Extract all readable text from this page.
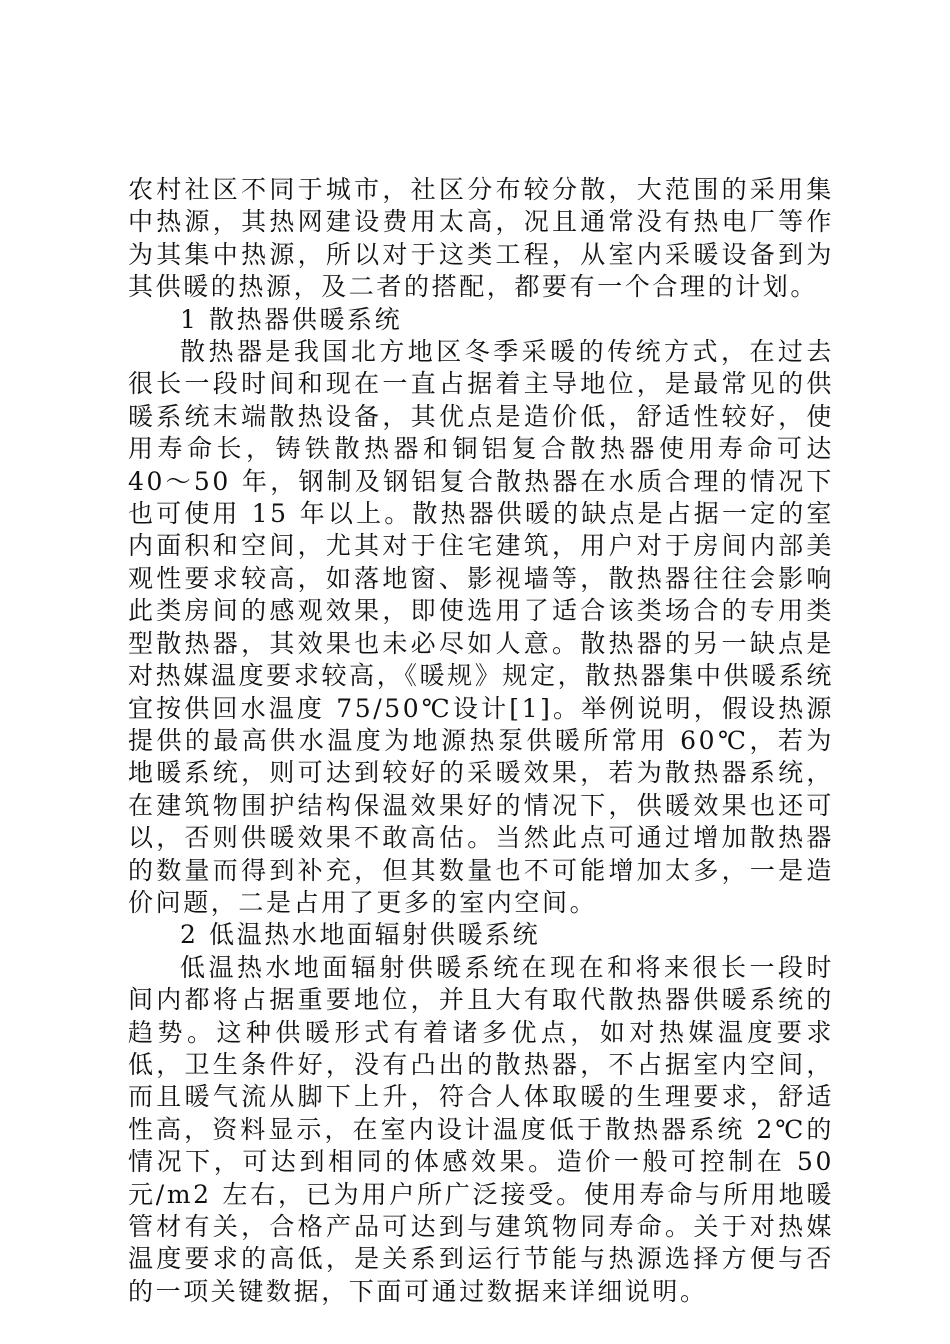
农村社区不同于城市，社区分布较分散，大范围的采用集中热源，其热网建设费用太高，况且通常没有热电厂等作为其集中热源，所以对于这类工程，从室内采暖设备到为其供暖的热源，及二者的搭配，都要有一个合理的计划。

1 散热器供暖系统

散热器是我国北方地区冬季采暖的传统方式，在过去很长一段时间和现在一直占据着主导地位，是最常见的供暖系统末端散热设备，其优点是造价低，舒适性较好，使用寿命长，铸铁散热器和铜铝复合散热器使用寿命可达 40～50 年，钢制及钢铝复合散热器在水质合理的情况下也可使用 15 年以上。散热器供暖的缺点是占据一定的室内面积和空间，尤其对于住宅建筑，用户对于房间内部美观性要求较高，如落地窗、影视墙等，散热器往往会影响此类房间的感观效果，即使选用了适合该类场合的专用类型散热器，其效果也未必尽如人意。散热器的另一缺点是对热媒温度要求较高，《暖规》规定，散热器集中供暖系统宜按供回水温度 75/50℃设计[1]。举例说明，假设热源提供的最高供水温度为地源热泵供暖所常用 60℃，若为地暖系统，则可达到较好的采暖效果，若为散热器系统，在建筑物围护结构保温效果好的情况下，供暖效果也还可以，否则供暖效果不敢高估。当然此点可通过增加散热器的数量而得到补充，但其数量也不可能增加太多，一是造价问题，二是占用了更多的室内空间。

2 低温热水地面辐射供暖系统

低温热水地面辐射供暖系统在现在和将来很长一段时间内都将占据重要地位，并且大有取代散热器供暖系统的趋势。这种供暖形式有着诸多优点，如对热媒温度要求低，卫生条件好，没有凸出的散热器，不占据室内空间，而且暖气流从脚下上升，符合人体取暖的生理要求，舒适性高，资料显示，在室内设计温度低于散热器系统 2℃的情况下，可达到相同的体感效果。造价一般可控制在 50 元/m2 左右，已为用户所广泛接受。使用寿命与所用地暖管材有关，合格产品可达到与建筑物同寿命。关于对热媒温度要求的高低，是关系到运行节能与热源选择方便与否的一项关键数据，下面可通过数据来详细说明。
